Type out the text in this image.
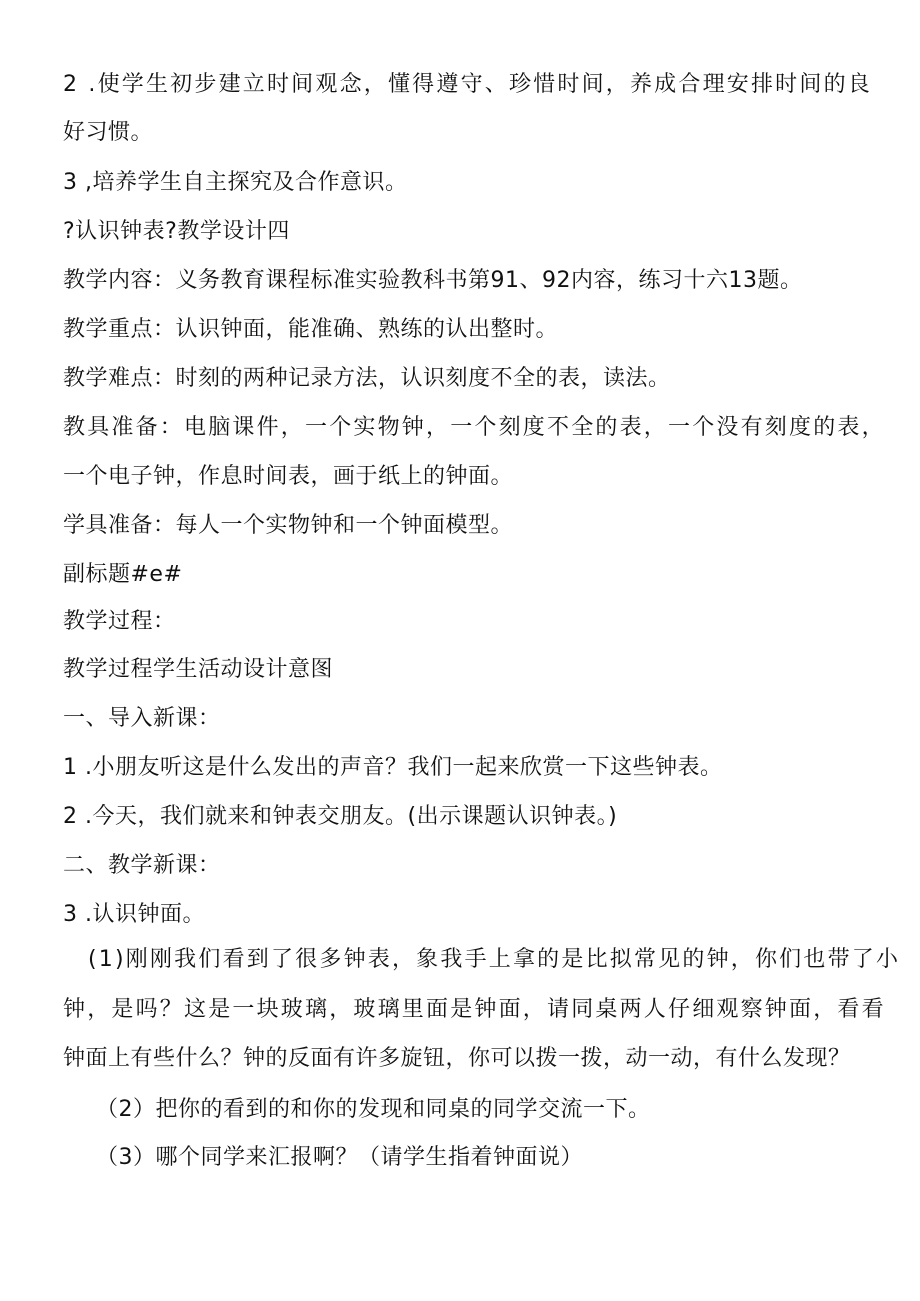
2 .使学生初步建立时间观念，懂得遵守、珍惜时间，养成合理安排时间的良
好习惯。
3 ,培养学生自主探究及合作意识。
?认识钟表?教学设计四
教学内容：义务教育课程标准实验教科书第91、92内容，练习十六13题。
教学重点：认识钟面，能准确、熟练的认出整时。
教学难点：时刻的两种记录方法，认识刻度不全的表，读法。
教具准备：电脑课件，一个实物钟，一个刻度不全的表，一个没有刻度的表，
一个电子钟，作息时间表，画于纸上的钟面。
学具准备：每人一个实物钟和一个钟面模型。
副标题#e#
教学过程：
教学过程学生活动设计意图
一、导入新课：
1 .小朋友听这是什么发出的声音？我们一起来欣赏一下这些钟表。
2 .今天，我们就来和钟表交朋友。(出示课题认识钟表。)
二、教学新课：
3 .认识钟面。
(1)刚刚我们看到了很多钟表，象我手上拿的是比拟常见的钟，你们也带了小
钟，是吗？这是一块玻璃，玻璃里面是钟面，请同桌两人仔细观察钟面，看看
钟面上有些什么？钟的反面有许多旋钮，你可以拨一拨，动一动，有什么发现？
（2）把你的看到的和你的发现和同桌的同学交流一下。
（3）哪个同学来汇报啊？（请学生指着钟面说）
